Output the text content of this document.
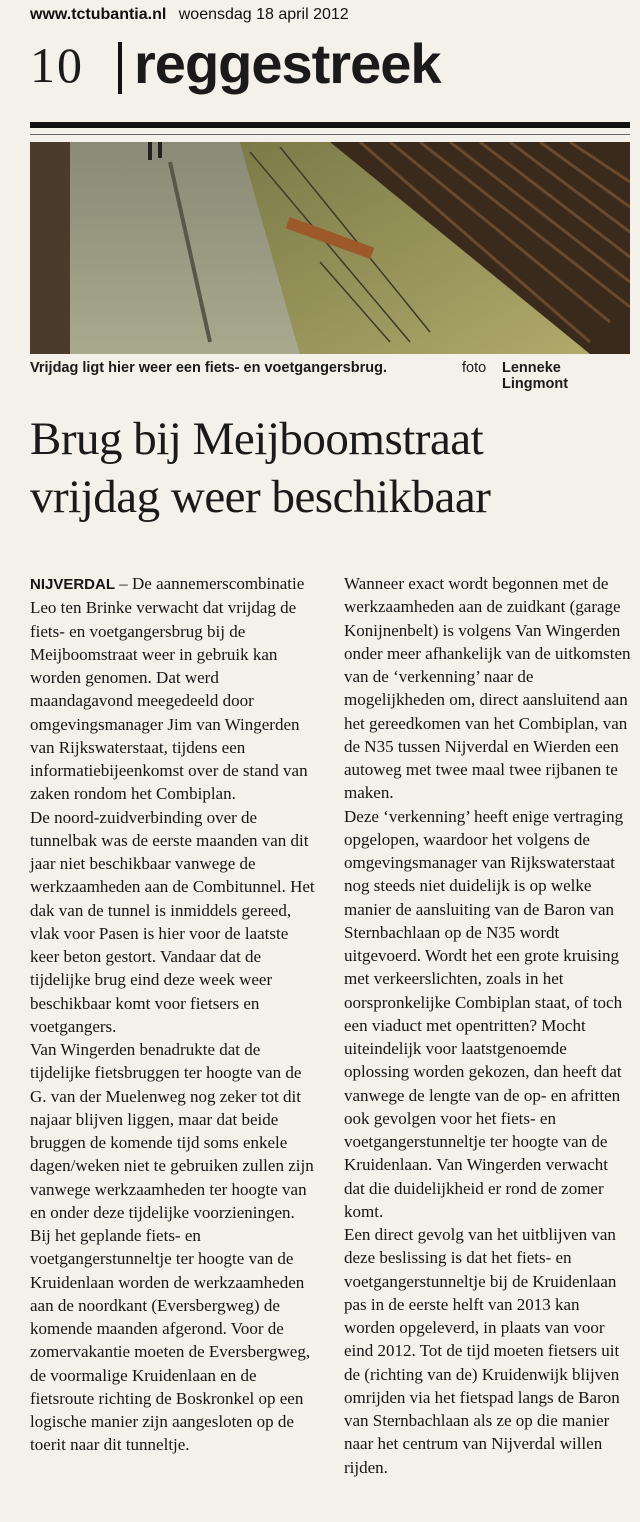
www.tctubantia.nl woensdag 18 april 2012
10 reggestreek
Vrijdag ligt hier weer een fiets- en voetgangersbrug.	foto Lenneke Lingmont
Brug bij Meijboomstraat
vrijdag weer beschikbaar

NIJVERDAL – De aannemerscombinatie Leo ten Brinke verwacht dat vrijdag de fiets- en voetgangersbrug bij de Meijboomstraat weer in gebruik kan worden genomen. Dat werd maandagavond meegedeeld door omgevingsmanager Jim van Wingerden van Rijkswaterstaat, tijdens een informatiebijeenkomst over de stand van zaken rondom het Combiplan.

De noord-zuidverbinding over de tunnelbak was de eerste maanden van dit jaar niet beschikbaar vanwege de werkzaamheden aan de Combitunnel. Het dak van de tunnel is inmiddels gereed, vlak voor Pasen is hier voor de laatste keer beton gestort. Vandaar dat de tijdelijke brug eind deze week weer beschikbaar komt voor fietsers en voetgangers.

Van Wingerden benadrukte dat de tijdelijke fietsbruggen ter hoogte van de G. van der Muelenweg nog zeker tot dit najaar blijven liggen, maar dat beide bruggen de komende tijd soms enkele dagen/weken niet te gebruiken zullen zijn vanwege werkzaamheden ter hoogte van en onder deze tijdelijke voorzieningen.

Bij het geplande fiets- en voetgangerstunneltje ter hoogte van de Kruidenlaan worden de werkzaamheden aan de noordkant (Eversbergweg) de komende maanden afgerond. Voor de zomervakantie moeten de Eversbergweg, de voormalige Kruidenlaan en de fietsroute richting de Boskronkel op een logische manier zijn aangesloten op de toerit naar dit tunneltje.

Wanneer exact wordt begonnen met de werkzaamheden aan de zuidkant (garage Konijnenbelt) is volgens Van Wingerden onder meer afhankelijk van de uitkomsten van de ‘verkenning’ naar de mogelijkheden om, direct aansluitend aan het gereedkomen van het Combiplan, van de N35 tussen Nijverdal en Wierden een autoweg met twee maal twee rijbanen te maken.

Deze ‘verkenning’ heeft enige vertraging opgelopen, waardoor het volgens de omgevingsmanager van Rijkswaterstaat nog steeds niet duidelijk is op welke manier de aansluiting van de Baron van Sternbachlaan op de N35 wordt uitgevoerd. Wordt het een grote kruising met verkeerslichten, zoals in het oorspronkelijke Combiplan staat, of toch een viaduct met opentritten? Mocht uiteindelijk voor laatstgenoemde oplossing worden gekozen, dan heeft dat vanwege de lengte van de op- en afritten ook gevolgen voor het fiets- en voetgangerstunneltje ter hoogte van de Kruidenlaan. Van Wingerden verwacht dat die duidelijkheid er rond de zomer komt.

Een direct gevolg van het uitblijven van deze beslissing is dat het fiets- en voetgangerstunneltje bij de Kruidenlaan pas in de eerste helft van 2013 kan worden opgeleverd, in plaats van voor eind 2012. Tot de tijd moeten fietsers uit de (richting van de) Kruidenwijk blijven omrijden via het fietspad langs de Baron van Sternbachlaan als ze op die manier naar het centrum van Nijverdal willen rijden.
